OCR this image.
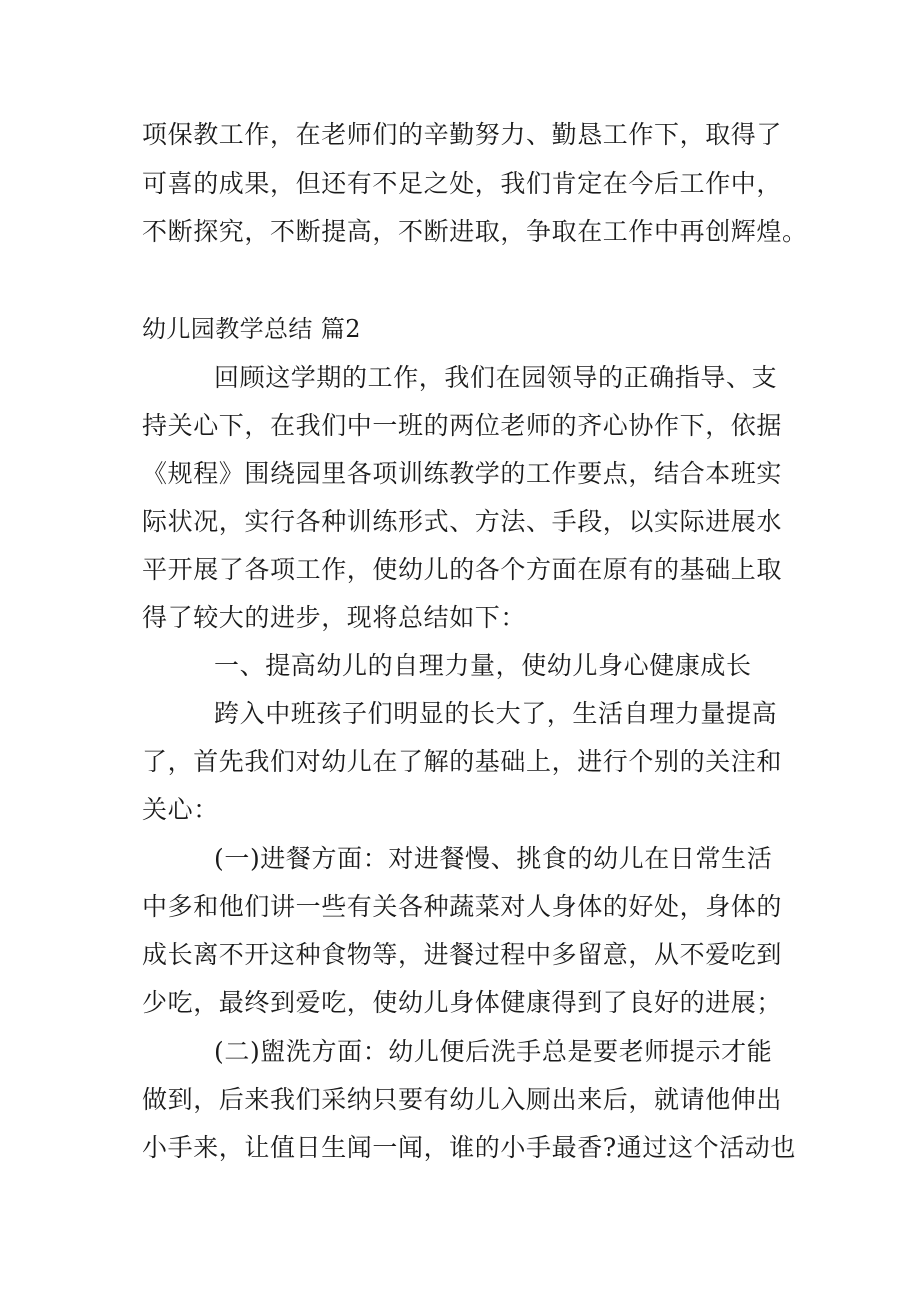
项保教工作，在老师们的辛勤努力、勤恳工作下，取得了

可喜的成果，但还有不足之处，我们肯定在今后工作中，

不断探究，不断提高，不断进取，争取在工作中再创辉煌。

幼儿园教学总结 篇2

回顾这学期的工作，我们在园领导的正确指导、支

持关心下，在我们中一班的两位老师的齐心协作下，依据

《规程》围绕园里各项训练教学的工作要点，结合本班实

际状况，实行各种训练形式、方法、手段，以实际进展水

平开展了各项工作，使幼儿的各个方面在原有的基础上取

得了较大的进步，现将总结如下：

一、提高幼儿的自理力量，使幼儿身心健康成长

跨入中班孩子们明显的长大了，生活自理力量提高

了，首先我们对幼儿在了解的基础上，进行个别的关注和

关心：

(一)进餐方面：对进餐慢、挑食的幼儿在日常生活

中多和他们讲一些有关各种蔬菜对人身体的好处，身体的

成长离不开这种食物等，进餐过程中多留意，从不爱吃到

少吃，最终到爱吃，使幼儿身体健康得到了良好的进展；

(二)盥洗方面：幼儿便后洗手总是要老师提示才能

做到，后来我们采纳只要有幼儿入厕出来后，就请他伸出

小手来，让值日生闻一闻，谁的小手最香?通过这个活动也
